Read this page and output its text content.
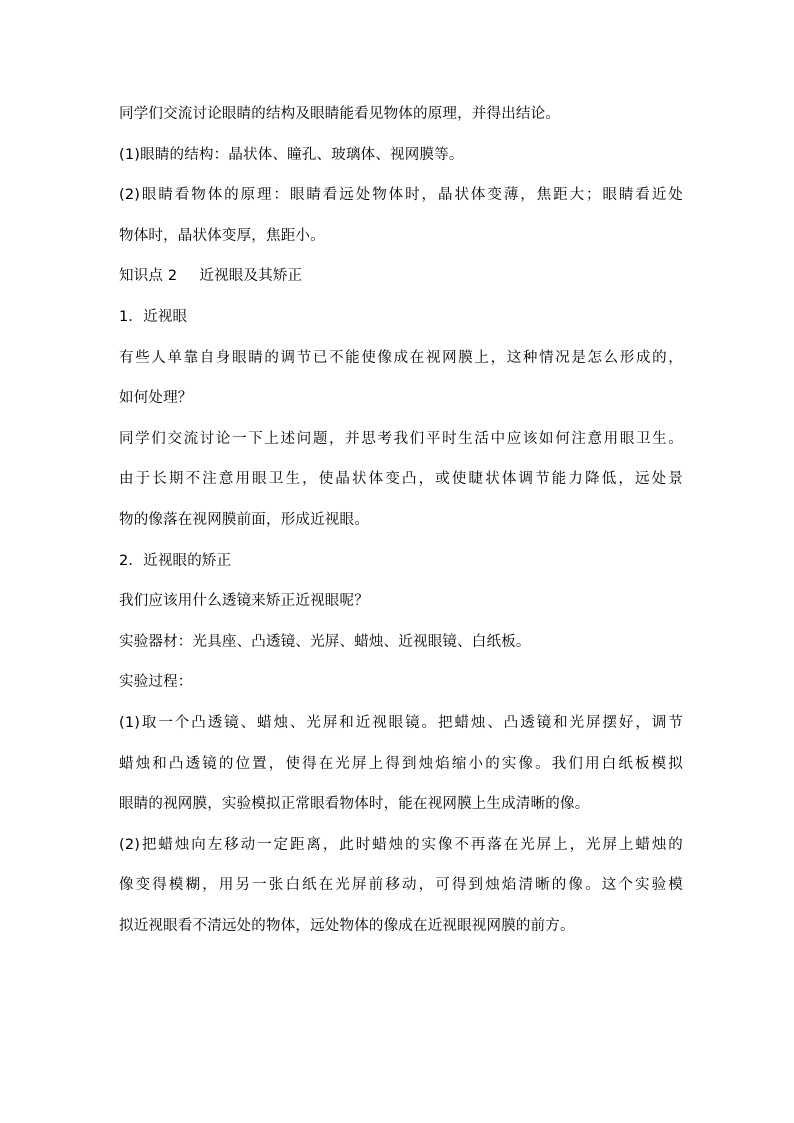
同学们交流讨论眼睛的结构及眼睛能看见物体的原理，并得出结论。
(1)眼睛的结构：晶状体、瞳孔、玻璃体、视网膜等。
(2)眼睛看物体的原理：眼睛看远处物体时，晶状体变薄，焦距大；眼睛看近处
物体时，晶状体变厚，焦距小。
知识点 2 近视眼及其矫正
1．近视眼
有些人单靠自身眼睛的调节已不能使像成在视网膜上，这种情况是怎么形成的，
如何处理？
同学们交流讨论一下上述问题，并思考我们平时生活中应该如何注意用眼卫生。
由于长期不注意用眼卫生，使晶状体变凸，或使睫状体调节能力降低，远处景
物的像落在视网膜前面，形成近视眼。
2．近视眼的矫正
我们应该用什么透镜来矫正近视眼呢？
实验器材：光具座、凸透镜、光屏、蜡烛、近视眼镜、白纸板。
实验过程：
(1)取一个凸透镜、蜡烛、光屏和近视眼镜。把蜡烛、凸透镜和光屏摆好，调节
蜡烛和凸透镜的位置，使得在光屏上得到烛焰缩小的实像。我们用白纸板模拟
眼睛的视网膜，实验模拟正常眼看物体时，能在视网膜上生成清晰的像。
(2)把蜡烛向左移动一定距离，此时蜡烛的实像不再落在光屏上，光屏上蜡烛的
像变得模糊，用另一张白纸在光屏前移动，可得到烛焰清晰的像。这个实验模
拟近视眼看不清远处的物体，远处物体的像成在近视眼视网膜的前方。
